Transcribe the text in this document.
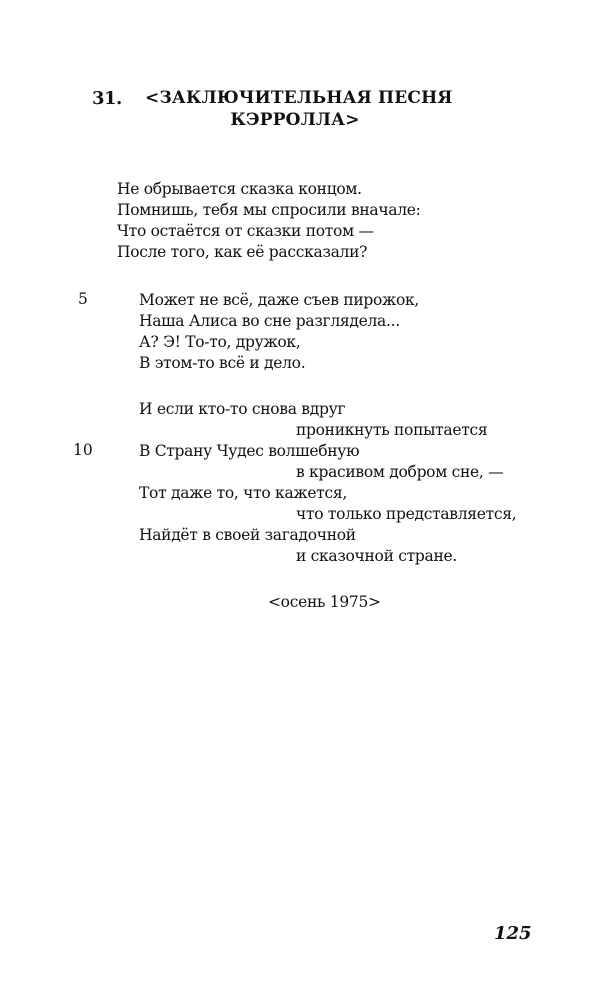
31. <ЗАКЛЮЧИТЕЛЬНАЯ ПЕСНЯ
КЭРРОЛЛА>
Не обрывается сказка концом.
Помнишь, тебя мы спросили вначале:
Что остаётся от сказки потом —
После того, как её рассказали?
5	Может не всё, даже съев пирожок,
Наша Алиса во сне разглядела...
А? Э! То-то, дружок,
В этом-то всё и дело.
И если кто-то снова вдруг
проникнуть попытается
10	В Страну Чудес волшебную
в красивом добром сне, —
Тот даже то, что кажется,
что только представляется,
Найдёт в своей загадочной
и сказочной стране.
<осень 1975>
125
